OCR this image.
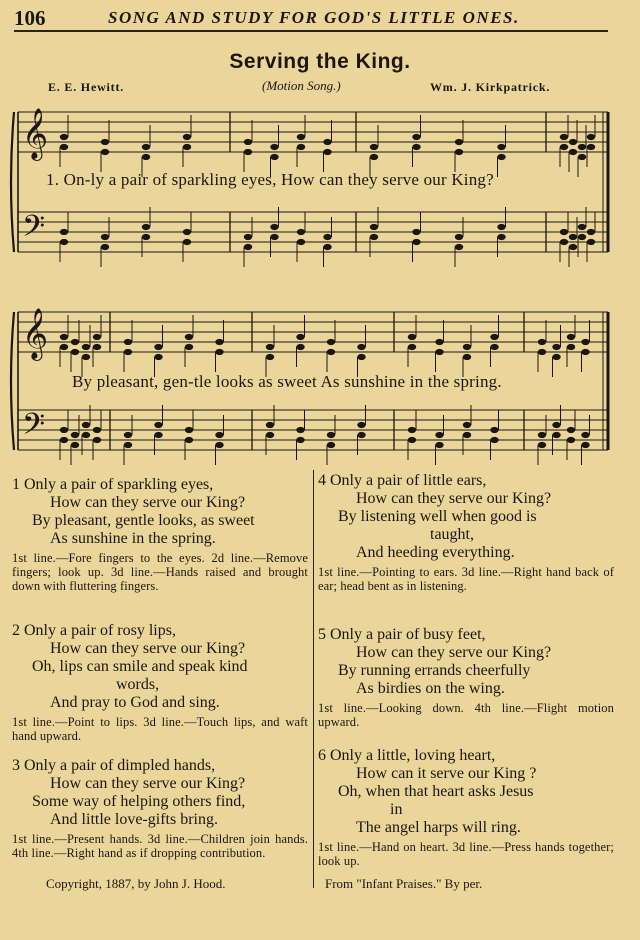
106	SONG AND STUDY FOR GOD'S LITTLE ONES.
Serving the King.
E. E. Hewitt.	(Motion Song.)	Wm. J. Kirkpatrick.
𝄞
𝄢
𝄞
𝄢
1. On-ly a pair of sparkling eyes, How can they serve our King?
By pleasant, gen-tle looks as sweet As sunshine in the spring.
1 Only a pair of sparkling eyes,
How can they serve our King?
By pleasant, gentle looks, as sweet
As sunshine in the spring.
1st line.—Fore fingers to the eyes. 2d line.—Remove fingers; look up. 3d line.—Hands raised and brought down with fluttering fingers.
2 Only a pair of rosy lips,
How can they serve our King?
Oh, lips can smile and speak kind
words,
And pray to God and sing.
1st line.—Point to lips. 3d line.—Touch lips, and waft hand upward.
3 Only a pair of dimpled hands,
How can they serve our King?
Some way of helping others find,
And little love-gifts bring.
1st line.—Present hands. 3d line.—Children join hands. 4th line.—Right hand as if dropping contribution.
4 Only a pair of little ears,
How can they serve our King?
By listening well when good is
taught,
And heeding everything.
1st line.—Pointing to ears. 3d line.—Right hand back of ear; head bent as in listening.
5 Only a pair of busy feet,
How can they serve our King?
By running errands cheerfully
As birdies on the wing.
1st line.—Looking down. 4th line.—Flight motion upward.
6 Only a little, loving heart,
How can it serve our King ?
Oh, when that heart asks Jesus
in
The angel harps will ring.
1st line.—Hand on heart. 3d line.—Press hands together; look up.
Copyright, 1887, by John J. Hood.	From "Infant Praises." By per.
